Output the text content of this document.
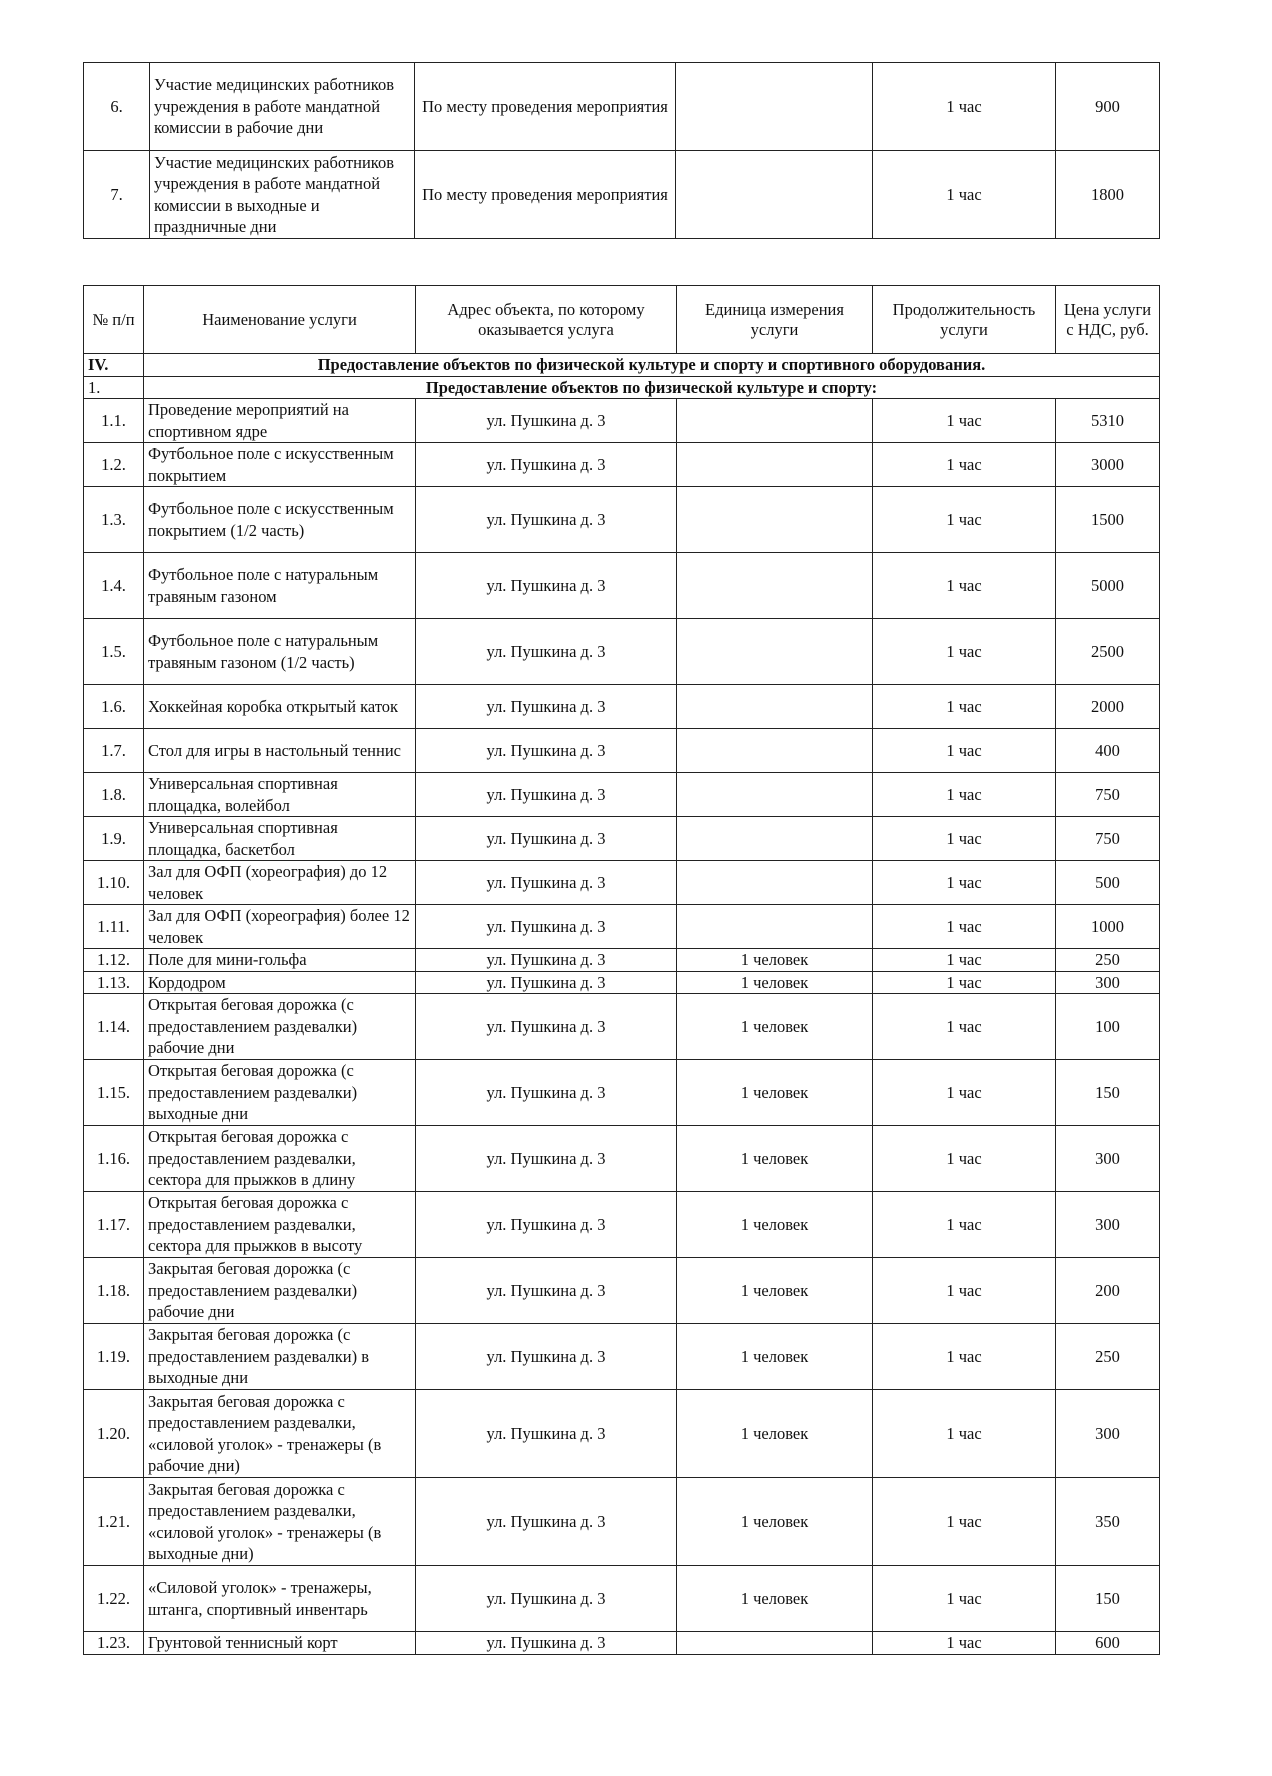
6.	Участие медицинских работников учреждения в работе мандатной комиссии в рабочие дни	По месту проведения мероприятия		1 час	900
7.	Участие медицинских работников учреждения в работе мандатной комиссии в выходные и праздничные дни	По месту проведения мероприятия		1 час	1800
№ п/п	Наименование услуги	Адрес объекта, по которому оказывается услуга	Единица измерения услуги	Продолжительность услуги	Цена услуги с НДС, руб.
IV.	Предоставление объектов по физической культуре и спорту и спортивного оборудования.				
1.	Предоставление объектов по физической культуре и спорту:				
1.1.	Проведение мероприятий на спортивном ядре	ул. Пушкина д. 3		1 час	5310
1.2.	Футбольное поле с искусственным покрытием	ул. Пушкина д. 3		1 час	3000
1.3.	Футбольное поле с искусственным покрытием (1/2 часть)	ул. Пушкина д. 3		1 час	1500
1.4.	Футбольное поле с натуральным травяным газоном	ул. Пушкина д. 3		1 час	5000
1.5.	Футбольное поле с натуральным травяным газоном (1/2 часть)	ул. Пушкина д. 3		1 час	2500
1.6.	Хоккейная коробка открытый каток	ул. Пушкина д. 3		1 час	2000
1.7.	Стол для игры в настольный теннис	ул. Пушкина д. 3		1 час	400
1.8.	Универсальная спортивная площадка, волейбол	ул. Пушкина д. 3		1 час	750
1.9.	Универсальная спортивная площадка, баскетбол	ул. Пушкина д. 3		1 час	750
1.10.	Зал для ОФП (хореография) до 12 человек	ул. Пушкина д. 3		1 час	500
1.11.	Зал для ОФП (хореография) более 12 человек	ул. Пушкина д. 3		1 час	1000
1.12.	Поле для мини-гольфа	ул. Пушкина д. 3	1 человек	1 час	250
1.13.	Кордодром	ул. Пушкина д. 3	1 человек	1 час	300
1.14.	Открытая беговая дорожка (с предоставлением раздевалки) рабочие дни	ул. Пушкина д. 3	1 человек	1 час	100
1.15.	Открытая беговая дорожка (с предоставлением раздевалки) выходные дни	ул. Пушкина д. 3	1 человек	1 час	150
1.16.	Открытая беговая дорожка с предоставлением раздевалки, сектора для прыжков в длину	ул. Пушкина д. 3	1 человек	1 час	300
1.17.	Открытая беговая дорожка с предоставлением раздевалки, сектора для прыжков в высоту	ул. Пушкина д. 3	1 человек	1 час	300
1.18.	Закрытая беговая дорожка (с предоставлением раздевалки) рабочие дни	ул. Пушкина д. 3	1 человек	1 час	200
1.19.	Закрытая беговая дорожка (с предоставлением раздевалки) в выходные дни	ул. Пушкина д. 3	1 человек	1 час	250
1.20.	Закрытая беговая дорожка с предоставлением раздевалки, «силовой уголок» - тренажеры (в рабочие дни)	ул. Пушкина д. 3	1 человек	1 час	300
1.21.	Закрытая беговая дорожка с предоставлением раздевалки, «силовой уголок» - тренажеры (в выходные дни)	ул. Пушкина д. 3	1 человек	1 час	350
1.22.	«Силовой уголок» - тренажеры, штанга, спортивный инвентарь	ул. Пушкина д. 3	1 человек	1 час	150
1.23.	Грунтовой теннисный корт	ул. Пушкина д. 3		1 час	600
